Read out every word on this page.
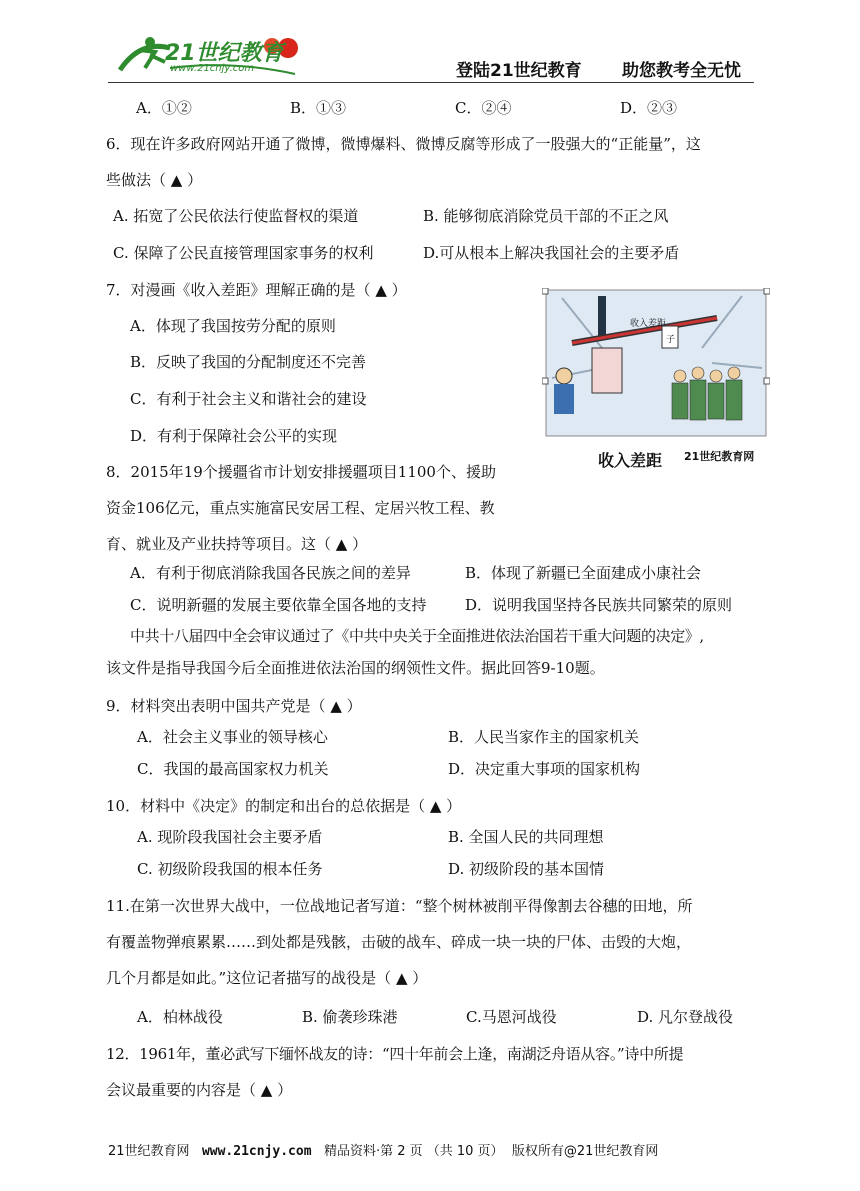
21世纪教育
www.21cnjy.com	登陆21世纪教育 助您教考全无忧
A．①②	B．①③	C．②④	D．②③
6．现在许多政府网站开通了微博，微博爆料、微博反腐等形成了一股强大的“正能量”，这
些做法（ ▲ ）
A. 拓宽了公民依法行使监督权的渠道	B. 能够彻底消除党员干部的不正之风
C. 保障了公民直接管理国家事务的权利	D.可从根本上解决我国社会的主要矛盾
7．对漫画《收入差距》理解正确的是（ ▲ ）
A．体现了我国按劳分配的原则
B．反映了我国的分配制度还不完善
C．有利于社会主义和谐社会的建设
D．有利于保障社会公平的实现
收入差距
子
收入差距 21世纪教育网
8．2015年19个援疆省市计划安排援疆项目1100个、援助
资金106亿元，重点实施富民安居工程、定居兴牧工程、教
育、就业及产业扶持等项目。这（ ▲ ）
A．有利于彻底消除我国各民族之间的差异	B．体现了新疆已全面建成小康社会
C．说明新疆的发展主要依靠全国各地的支持	D．说明我国坚持各民族共同繁荣的原则
中共十八届四中全会审议通过了《中共中央关于全面推进依法治国若干重大问题的决定》,
该文件是指导我国今后全面推进依法治国的纲领性文件。据此回答9-10题。
9．材料突出表明中国共产党是（ ▲ ）
A．社会主义事业的领导核心	B．人民当家作主的国家机关
C．我国的最高国家权力机关	D．决定重大事项的国家机构
10．材料中《决定》的制定和出台的总依据是（ ▲ ）
A. 现阶段我国社会主要矛盾	B. 全国人民的共同理想
C. 初级阶段我国的根本任务	D. 初级阶段的基本国情
11.在第一次世界大战中，一位战地记者写道：“整个树林被削平得像割去谷穗的田地，所
有覆盖物弹痕累累……到处都是残骸，击破的战车、碎成一块一块的尸体、击毁的大炮，
几个月都是如此。”这位记者描写的战役是（ ▲ ）
A．柏林战役	B. 偷袭珍珠港	C.马恩河战役	D. 凡尔登战役
12．1961年，董必武写下缅怀战友的诗：“四十年前会上逢，南湖泛舟语从容。”诗中所提
会议最重要的内容是（ ▲ ）
21世纪教育网 www.21cnjy.com 精品资料·第 2 页 （共 10 页） 版权所有@21世纪教育网
